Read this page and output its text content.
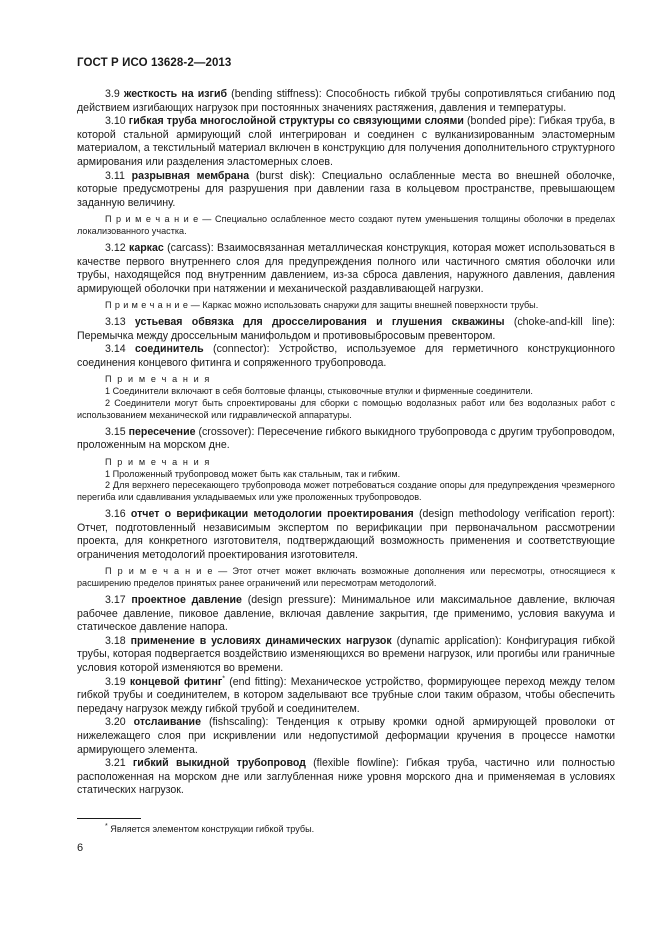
ГОСТ Р ИСО 13628-2—2013

3.9 жесткость на изгиб (bending stiffness): Способность гибкой трубы сопротивляться сгибанию под действием изгибающих нагрузок при постоянных значениях растяжения, давления и температуры.

3.10 гибкая труба многослойной структуры со связующими слоями (bonded pipe): Гибкая труба, в которой стальной армирующий слой интегрирован и соединен с вулканизированным эластомерным материалом, а текстильный материал включен в конструкцию для получения дополнительного структурного армирования или разделения эластомерных слоев.

3.11 разрывная мембрана (burst disk): Специально ослабленные места во внешней оболочке, которые предусмотрены для разрушения при давлении газа в кольцевом пространстве, превышающем заданную величину.

П р и м е ч а н и е — Специально ослабленное место создают путем уменьшения толщины оболочки в пределах локализованного участка.

3.12 каркас (carcass): Взаимосвязанная металлическая конструкция, которая может использоваться в качестве первого внутреннего слоя для предупреждения полного или частичного смятия оболочки или трубы, находящейся под внутренним давлением, из-за сброса давления, наружного давления, давления армирующей оболочки при натяжении и механической раздавливающей нагрузки.

П р и м е ч а н и е — Каркас можно использовать снаружи для защиты внешней поверхности трубы.

3.13 устьевая обвязка для дросселирования и глушения скважины (choke-and-kill line): Перемычка между дроссельным манифольдом и противовыбросовым превентором.

3.14 соединитель (connector): Устройство, используемое для герметичного конструкционного соединения концевого фитинга и сопряженного трубопровода.

П р и м е ч а н и я

1 Соединители включают в себя болтовые фланцы, стыковочные втулки и фирменные соединители.

2 Соединители могут быть спроектированы для сборки с помощью водолазных работ или без водолазных работ с использованием механической или гидравлической аппаратуры.

3.15 пересечение (crossover): Пересечение гибкого выкидного трубопровода с другим трубопроводом, проложенным на морском дне.

П р и м е ч а н и я

1 Проложенный трубопровод может быть как стальным, так и гибким.

2 Для верхнего пересекающего трубопровода может потребоваться создание опоры для предупреждения чрезмерного перегиба или сдавливания укладываемых или уже проложенных трубопроводов.

3.16 отчет о верификации методологии проектирования (design methodology verification report): Отчет, подготовленный независимым экспертом по верификации при первоначальном рассмотрении проекта, для конкретного изготовителя, подтверждающий возможность применения и соответствующие ограничения методологий проектирования изготовителя.

П р и м е ч а н и е — Этот отчет может включать возможные дополнения или пересмотры, относящиеся к расширению пределов принятых ранее ограничений или пересмотрам методологий.

3.17 проектное давление (design pressure): Минимальное или максимальное давление, включая рабочее давление, пиковое давление, включая давление закрытия, где применимо, условия вакуума и статическое давление напора.

3.18 применение в условиях динамических нагрузок (dynamic application): Конфигурация гибкой трубы, которая подвергается воздействию изменяющихся во времени нагрузок, или прогибы или граничные условия которой изменяются во времени.

3.19 концевой фитинг* (end fitting): Механическое устройство, формирующее переход между телом гибкой трубы и соединителем, в котором заделывают все трубные слои таким образом, чтобы обеспечить передачу нагрузок между гибкой трубой и соединителем.

3.20 отслаивание (fishscaling): Тенденция к отрыву кромки одной армирующей проволоки от нижележащего слоя при искривлении или недопустимой деформации кручения в процессе намотки армирующего элемента.

3.21 гибкий выкидной трубопровод (flexible flowline): Гибкая труба, частично или полностью расположенная на морском дне или заглубленная ниже уровня морского дна и применяемая в условиях статических нагрузок.

* Является элементом конструкции гибкой трубы.
6
